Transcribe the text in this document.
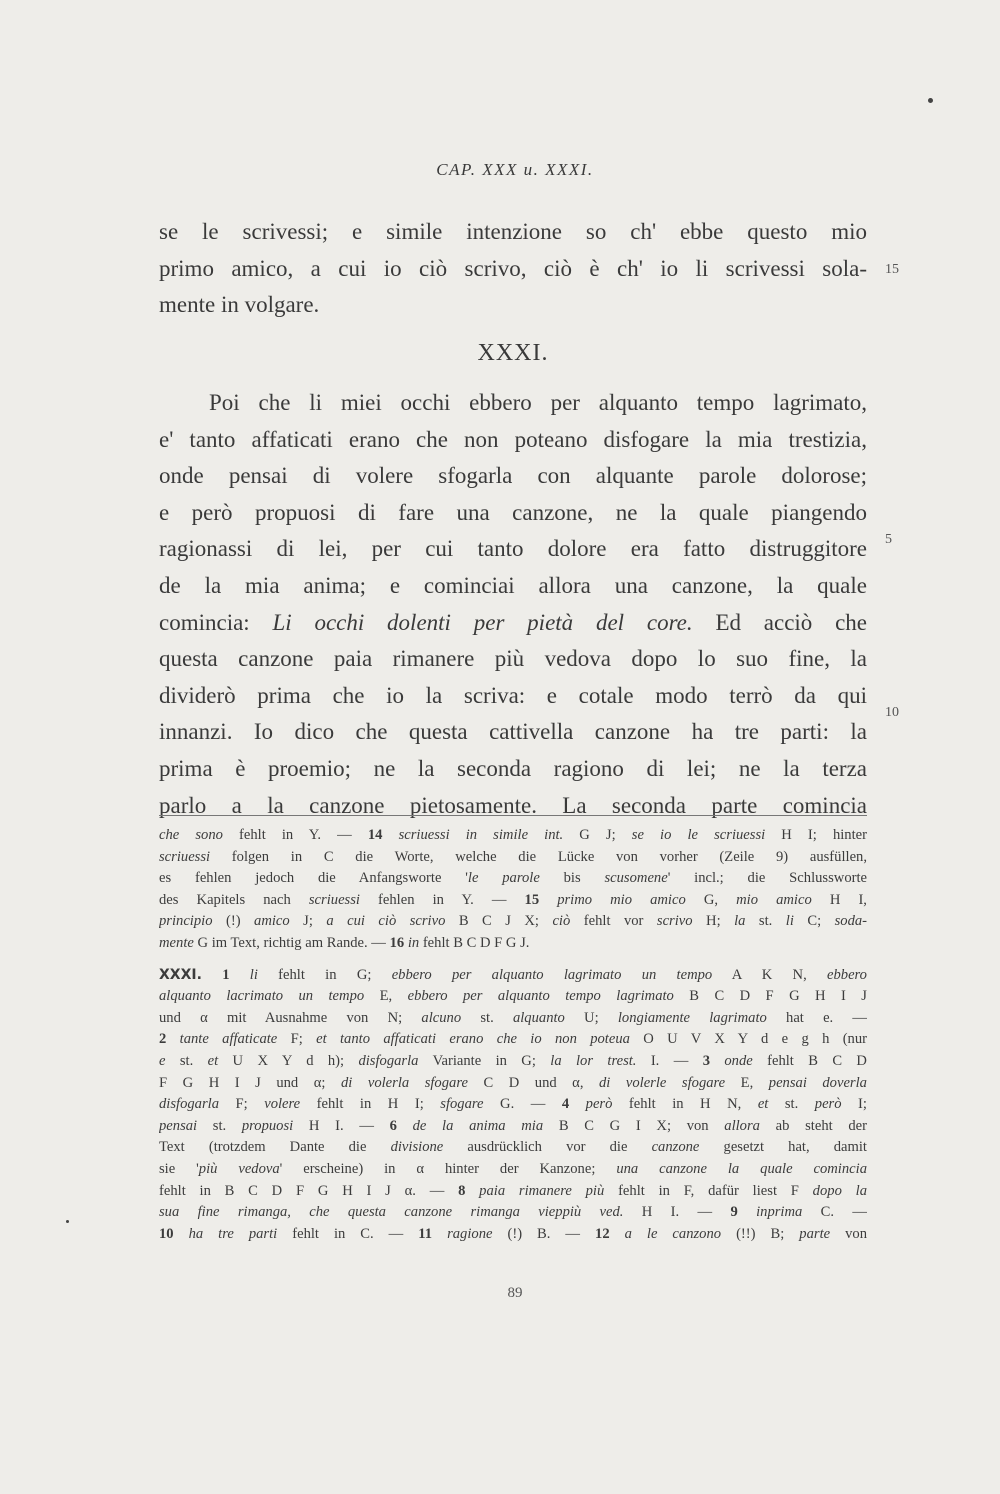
CAP. XXX u. XXXI.
se le scrivessi; e simile intenzione so ch' ebbe questo mio
primo amico, a cui io ciò scrivo, ciò è ch' io li scrivessi sola-
mente in volgare.
XXXI.
Poi che li miei occhi ebbero per alquanto tempo lagrimato,
e' tanto affaticati erano che non poteano disfogare la mia trestizia,
onde pensai di volere sfogarla con alquante parole dolorose;
e però propuosi di fare una canzone, ne la quale piangendo
ragionassi di lei, per cui tanto dolore era fatto distruggitore
de la mia anima; e cominciai allora una canzone, la quale
comincia: Li occhi dolenti per pietà del core. Ed acciò che
questa canzone paia rimanere più vedova dopo lo suo fine, la
dividerò prima che io la scriva: e cotale modo terrò da qui
innanzi. Io dico che questa cattivella canzone ha tre parti: la
prima è proemio; ne la seconda ragiono di lei; ne la terza
parlo a la canzone pietosamente. La seconda parte comincia
15
5
10
che sono fehlt in Y. — 14 scriuessi in simile int. G J; se io le scriuessi H I; hinter
scriuessi folgen in C die Worte, welche die Lücke von vorher (Zeile 9) ausfüllen,
es fehlen jedoch die Anfangsworte 'le parole bis scusomene' incl.; die Schlussworte
des Kapitels nach scriuessi fehlen in Y. — 15 primo mio amico G, mio amico H I,
principio (!) amico J; a cui ciò scrivo B C J X; ciò fehlt vor scrivo H; la st. li C; soda-
mente G im Text, richtig am Rande. — 16 in fehlt B C D F G J.
XXXI. 1 li fehlt in G; ebbero per alquanto lagrimato un tempo A K N, ebbero
alquanto lacrimato un tempo E, ebbero per alquanto tempo lagrimato B C D F G H I J
und α mit Ausnahme von N; alcuno st. alquanto U; longiamente lagrimato hat e. —
2 tante affaticate F; et tanto affaticati erano che io non poteua O U V X Y d e g h (nur
e st. et U X Y d h); disfogarla Variante in G; la lor trest. I. — 3 onde fehlt B C D
F G H I J und α; di volerla sfogare C D und α, di volerle sfogare E, pensai doverla
disfogarla F; volere fehlt in H I; sfogare G. — 4 però fehlt in H N, et st. però I;
pensai st. propuosi H I. — 6 de la anima mia B C G I X; von allora ab steht der
Text (trotzdem Dante die divisione ausdrücklich vor die canzone gesetzt hat, damit
sie 'più vedova' erscheine) in α hinter der Kanzone; una canzone la quale comincia
fehlt in B C D F G H I J α. — 8 paia rimanere più fehlt in F, dafür liest F dopo la
sua fine rimanga, che questa canzone rimanga vieppiù ved. H I. — 9 inprima C. —
10 ha tre parti fehlt in C. — 11 ragione (!) B. — 12 a le canzono (!!) B; parte von
89
